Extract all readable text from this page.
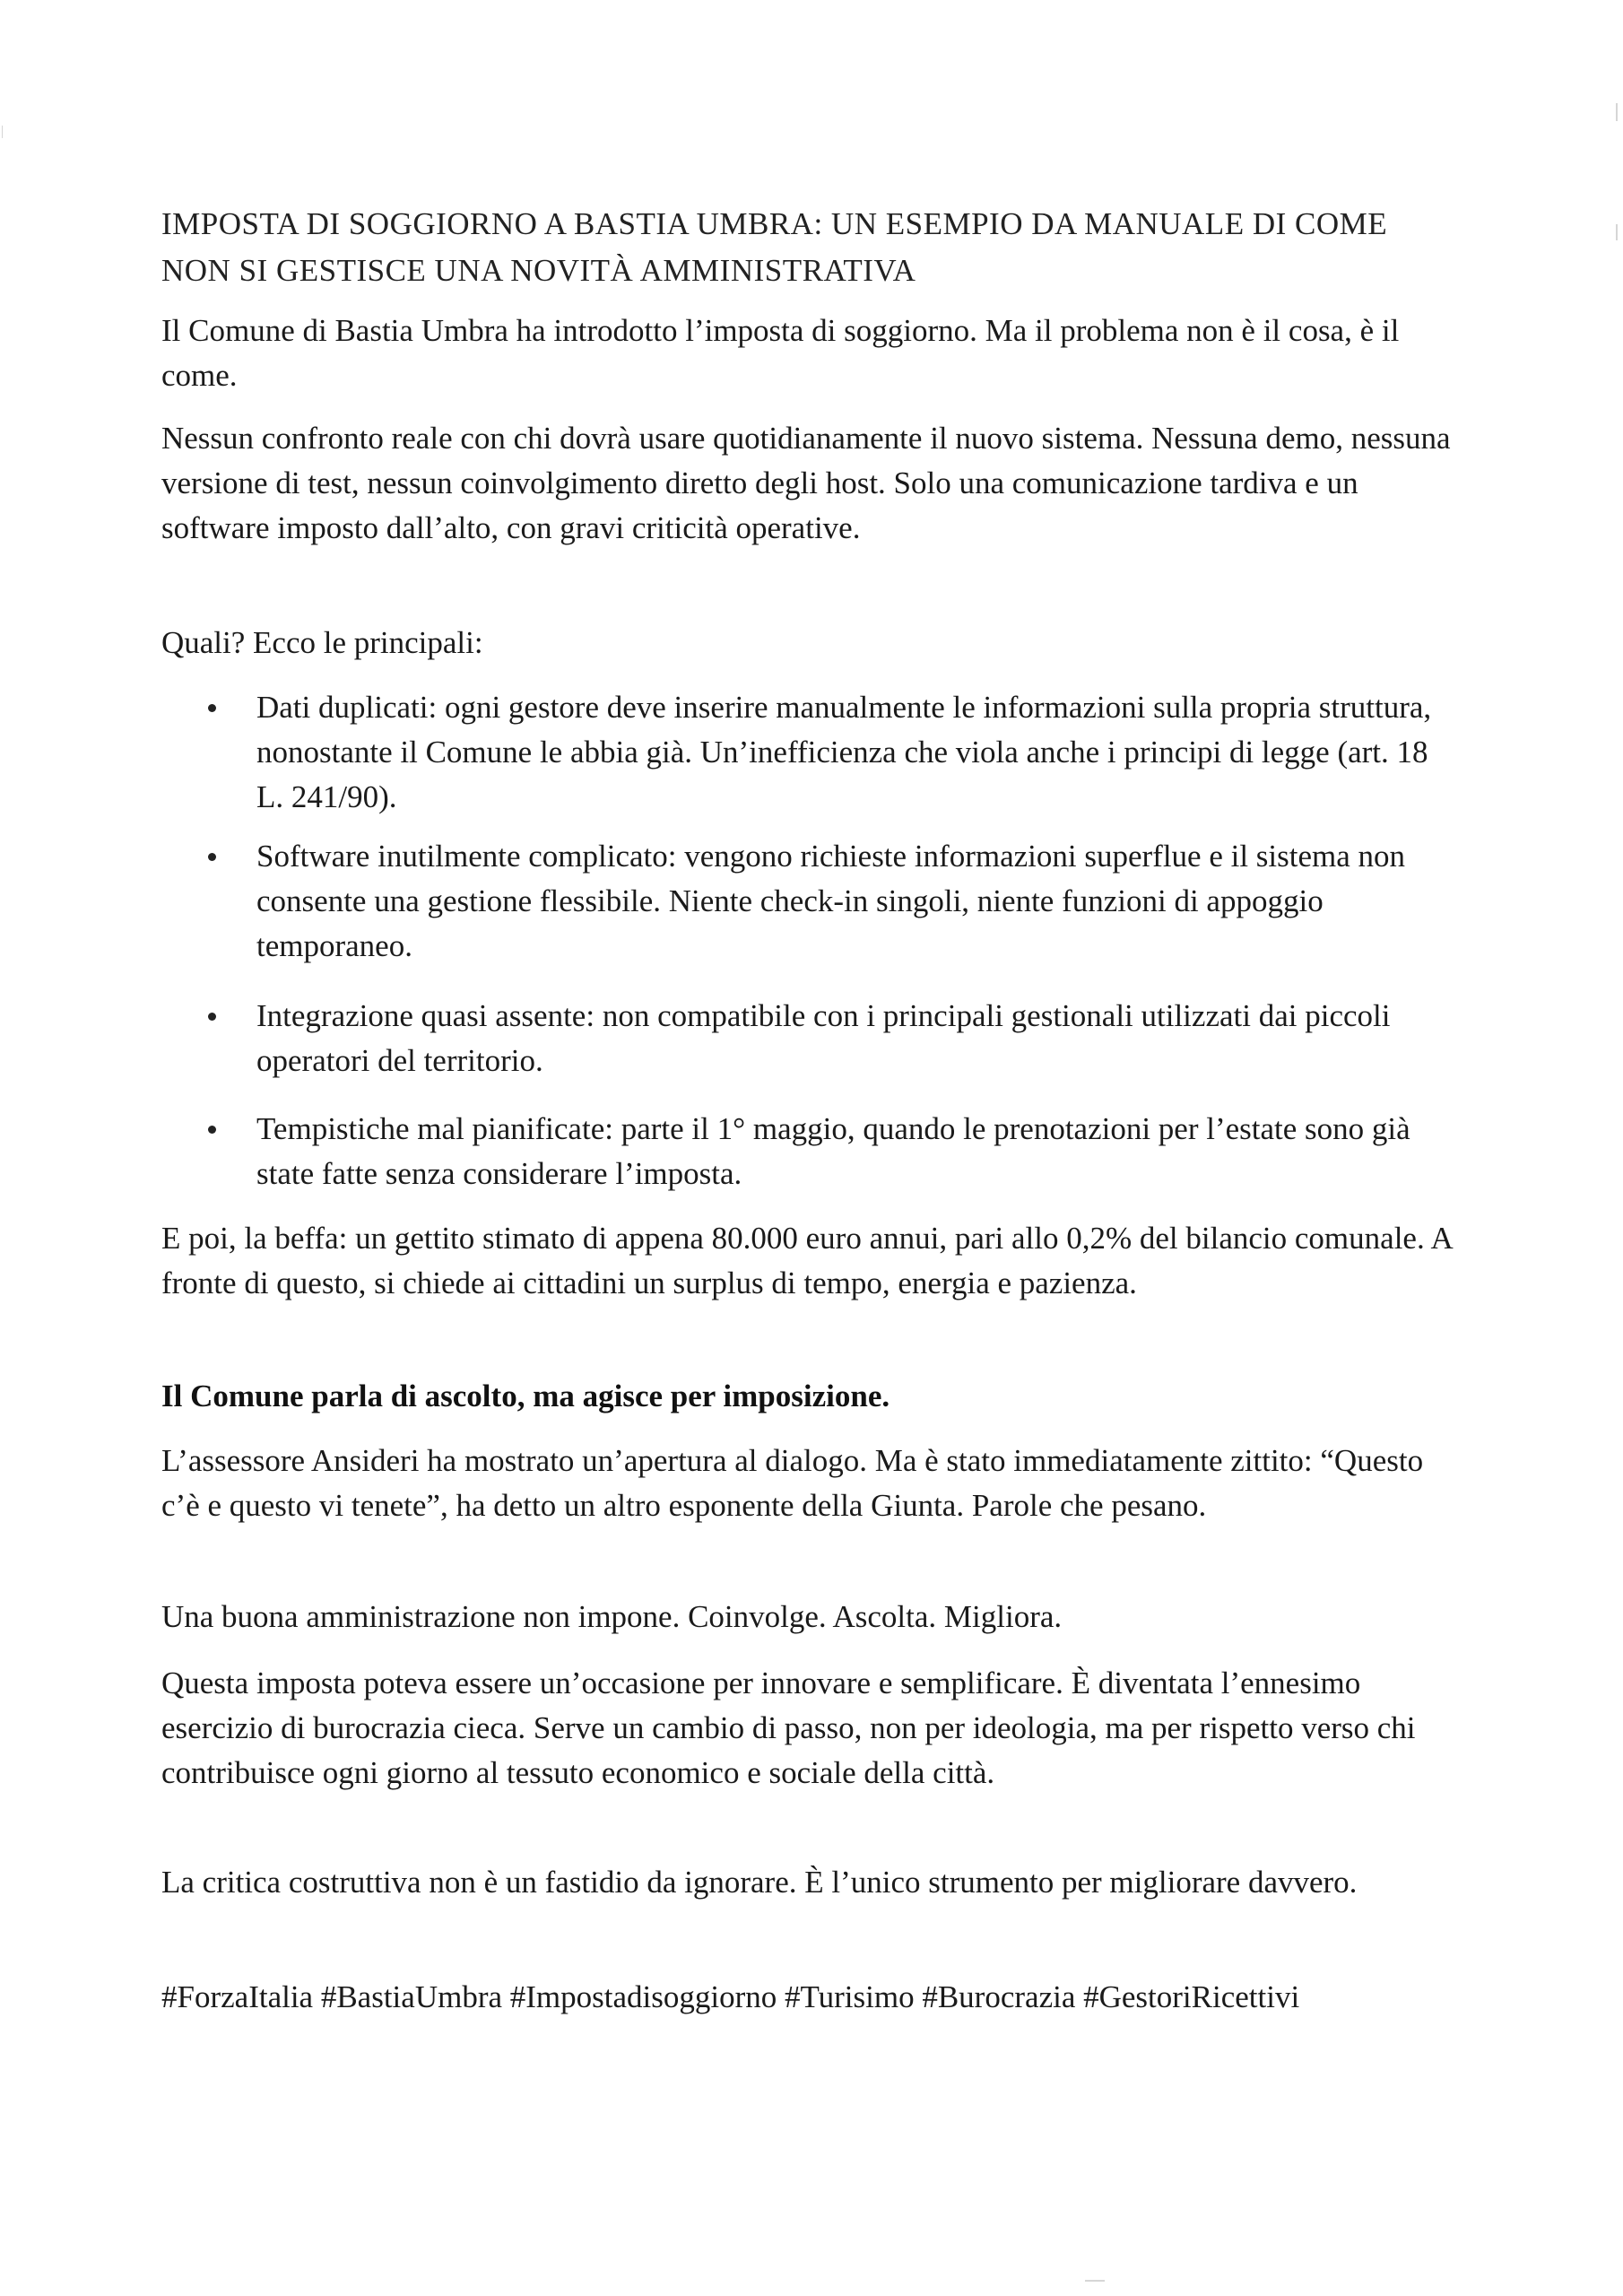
IMPOSTA DI SOGGIORNO A BASTIA UMBRA: UN ESEMPIO DA MANUALE DI COME NON SI GESTISCE UNA NOVITÀ AMMINISTRATIVA

Il Comune di Bastia Umbra ha introdotto l’imposta di soggiorno. Ma il problema non è il cosa, è il come.

Nessun confronto reale con chi dovrà usare quotidianamente il nuovo sistema. Nessuna demo, nessuna versione di test, nessun coinvolgimento diretto degli host. Solo una comunicazione tardiva e un software imposto dall’alto, con gravi criticità operative.

Quali? Ecco le principali:

Dati duplicati: ogni gestore deve inserire manualmente le informazioni sulla propria struttura, nonostante il Comune le abbia già. Un’inefficienza che viola anche i principi di legge (art. 18 L. 241/90).
Software inutilmente complicato: vengono richieste informazioni superflue e il sistema non consente una gestione flessibile. Niente check-in singoli, niente funzioni di appoggio temporaneo.
Integrazione quasi assente: non compatibile con i principali gestionali utilizzati dai piccoli operatori del territorio.
Tempistiche mal pianificate: parte il 1° maggio, quando le prenotazioni per l’estate sono già state fatte senza considerare l’imposta.

E poi, la beffa: un gettito stimato di appena 80.000 euro annui, pari allo 0,2% del bilancio comunale. A fronte di questo, si chiede ai cittadini un surplus di tempo, energia e pazienza.

Il Comune parla di ascolto, ma agisce per imposizione.

L’assessore Ansideri ha mostrato un’apertura al dialogo. Ma è stato immediatamente zittito: “Questo c’è e questo vi tenete”, ha detto un altro esponente della Giunta. Parole che pesano.

Una buona amministrazione non impone. Coinvolge. Ascolta. Migliora.

Questa imposta poteva essere un’occasione per innovare e semplificare. È diventata l’ennesimo esercizio di burocrazia cieca. Serve un cambio di passo, non per ideologia, ma per rispetto verso chi contribuisce ogni giorno al tessuto economico e sociale della città.

La critica costruttiva non è un fastidio da ignorare. È l’unico strumento per migliorare davvero.

#ForzaItalia #BastiaUmbra #Impostadisoggiorno #Turisimo #Burocrazia #GestoriRicettivi
